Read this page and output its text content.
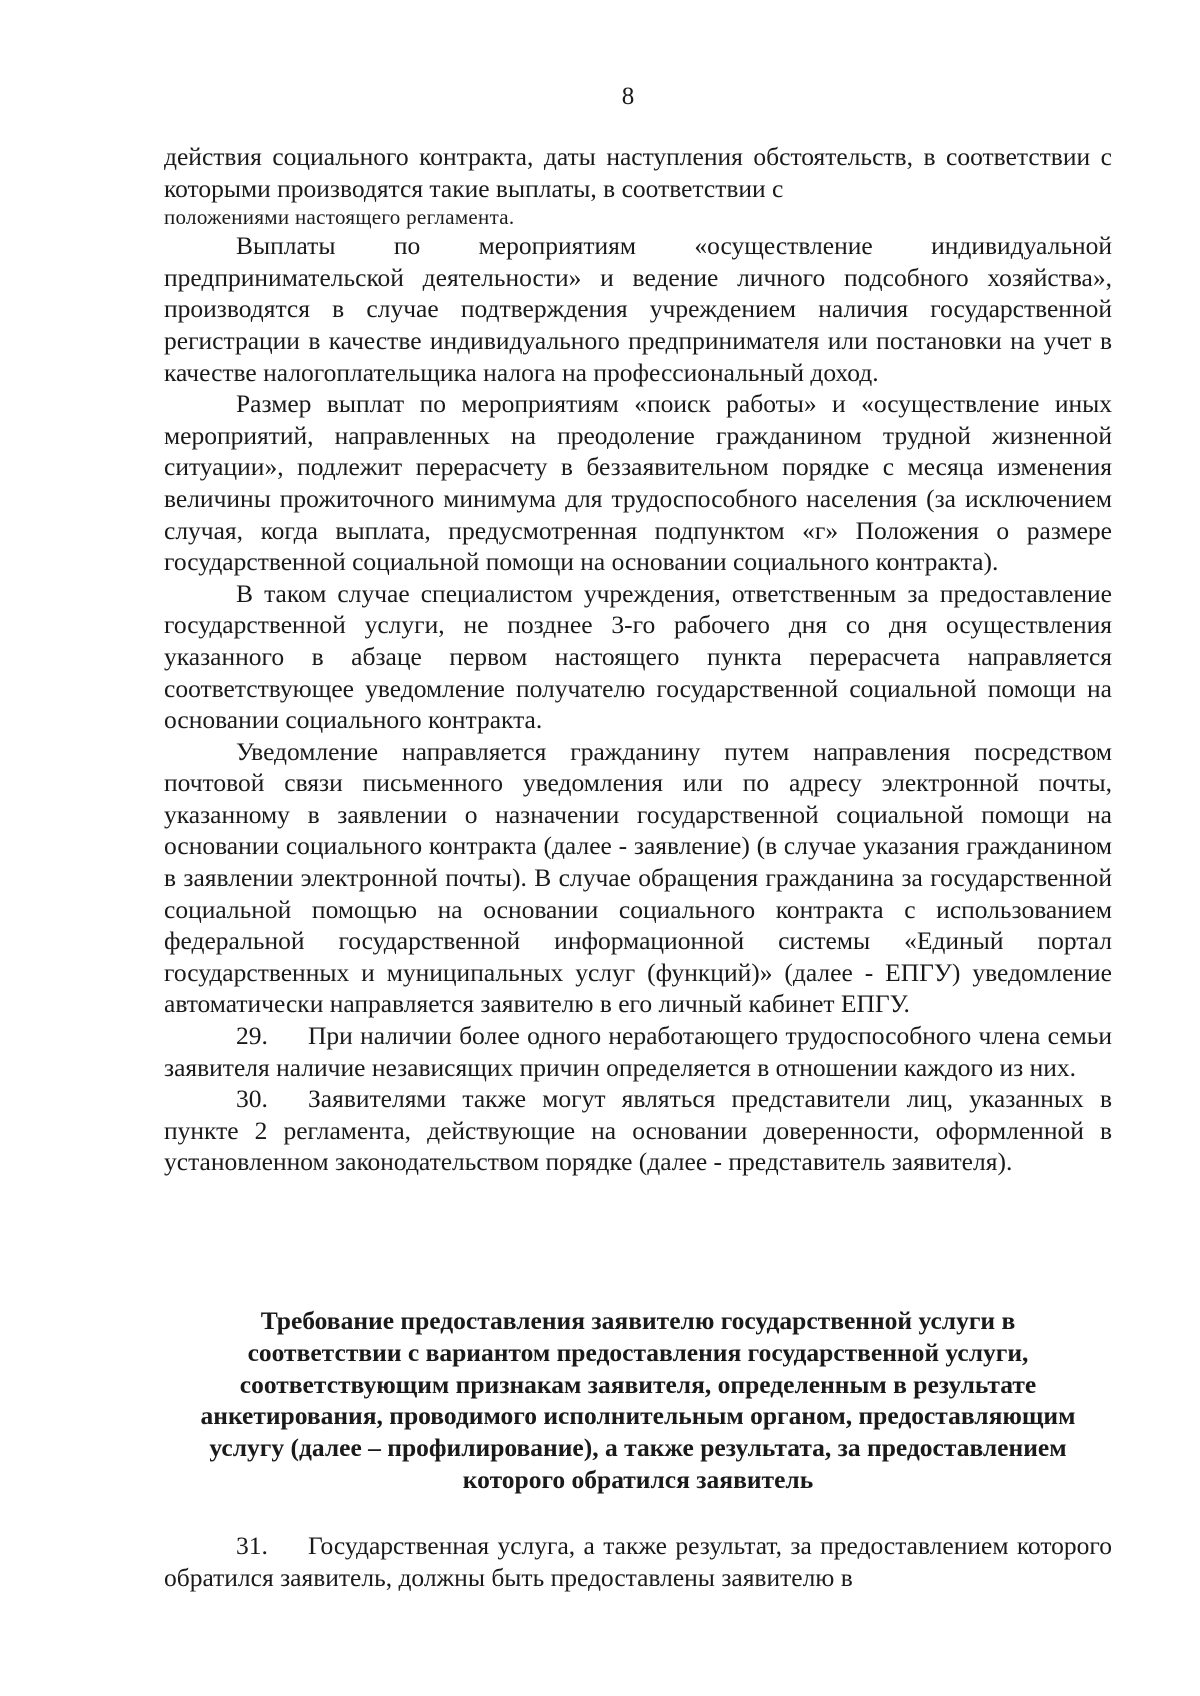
8

действия социального контракта, даты наступления обстоятельств, в соответствии с которыми производятся такие выплаты, в соответствии с

положениями настоящего регламента.

Выплаты по мероприятиям «осуществление индивидуальной предпринимательской деятельности» и ведение личного подсобного хозяйства», производятся в случае подтверждения учреждением наличия государственной регистрации в качестве индивидуального предпринимателя или постановки на учет в качестве налогоплательщика налога на профессиональный доход.

Размер выплат по мероприятиям «поиск работы» и «осуществление иных мероприятий, направленных на преодоление гражданином трудной жизненной ситуации», подлежит перерасчету в беззаявительном порядке с месяца изменения величины прожиточного минимума для трудоспособного населения (за исключением случая, когда выплата, предусмотренная подпунктом «г» Положения о размере государственной социальной помощи на основании социального контракта).

В таком случае специалистом учреждения, ответственным за предоставление государственной услуги, не позднее 3-го рабочего дня со дня осуществления указанного в абзаце первом настоящего пункта перерасчета направляется соответствующее уведомление получателю государственной социальной помощи на основании социального контракта.

Уведомление направляется гражданину путем направления посредством почтовой связи письменного уведомления или по адресу электронной почты, указанному в заявлении о назначении государственной социальной помощи на основании социального контракта (далее - заявление) (в случае указания гражданином в заявлении электронной почты). В случае обращения гражданина за государственной социальной помощью на основании социального контракта с использованием федеральной государственной информационной системы «Единый портал государственных и муниципальных услуг (функций)» (далее - ЕПГУ) уведомление автоматически направляется заявителю в его личный кабинет ЕПГУ.

29. При наличии более одного неработающего трудоспособного члена семьи заявителя наличие независящих причин определяется в отношении каждого из них.

30. Заявителями также могут являться представители лиц, указанных в пункте 2 регламента, действующие на основании доверенности, оформленной в установленном законодательством порядке (далее - представитель заявителя).

Требование предоставления заявителю государственной услуги в
соответствии с вариантом предоставления государственной услуги,
соответствующим признакам заявителя, определенным в результате
анкетирования, проводимого исполнительным органом, предоставляющим
услугу (далее – профилирование), а также результата, за предоставлением
которого обратился заявитель

31. Государственная услуга, а также результат, за предоставлением которого обратился заявитель, должны быть предоставлены заявителю в
